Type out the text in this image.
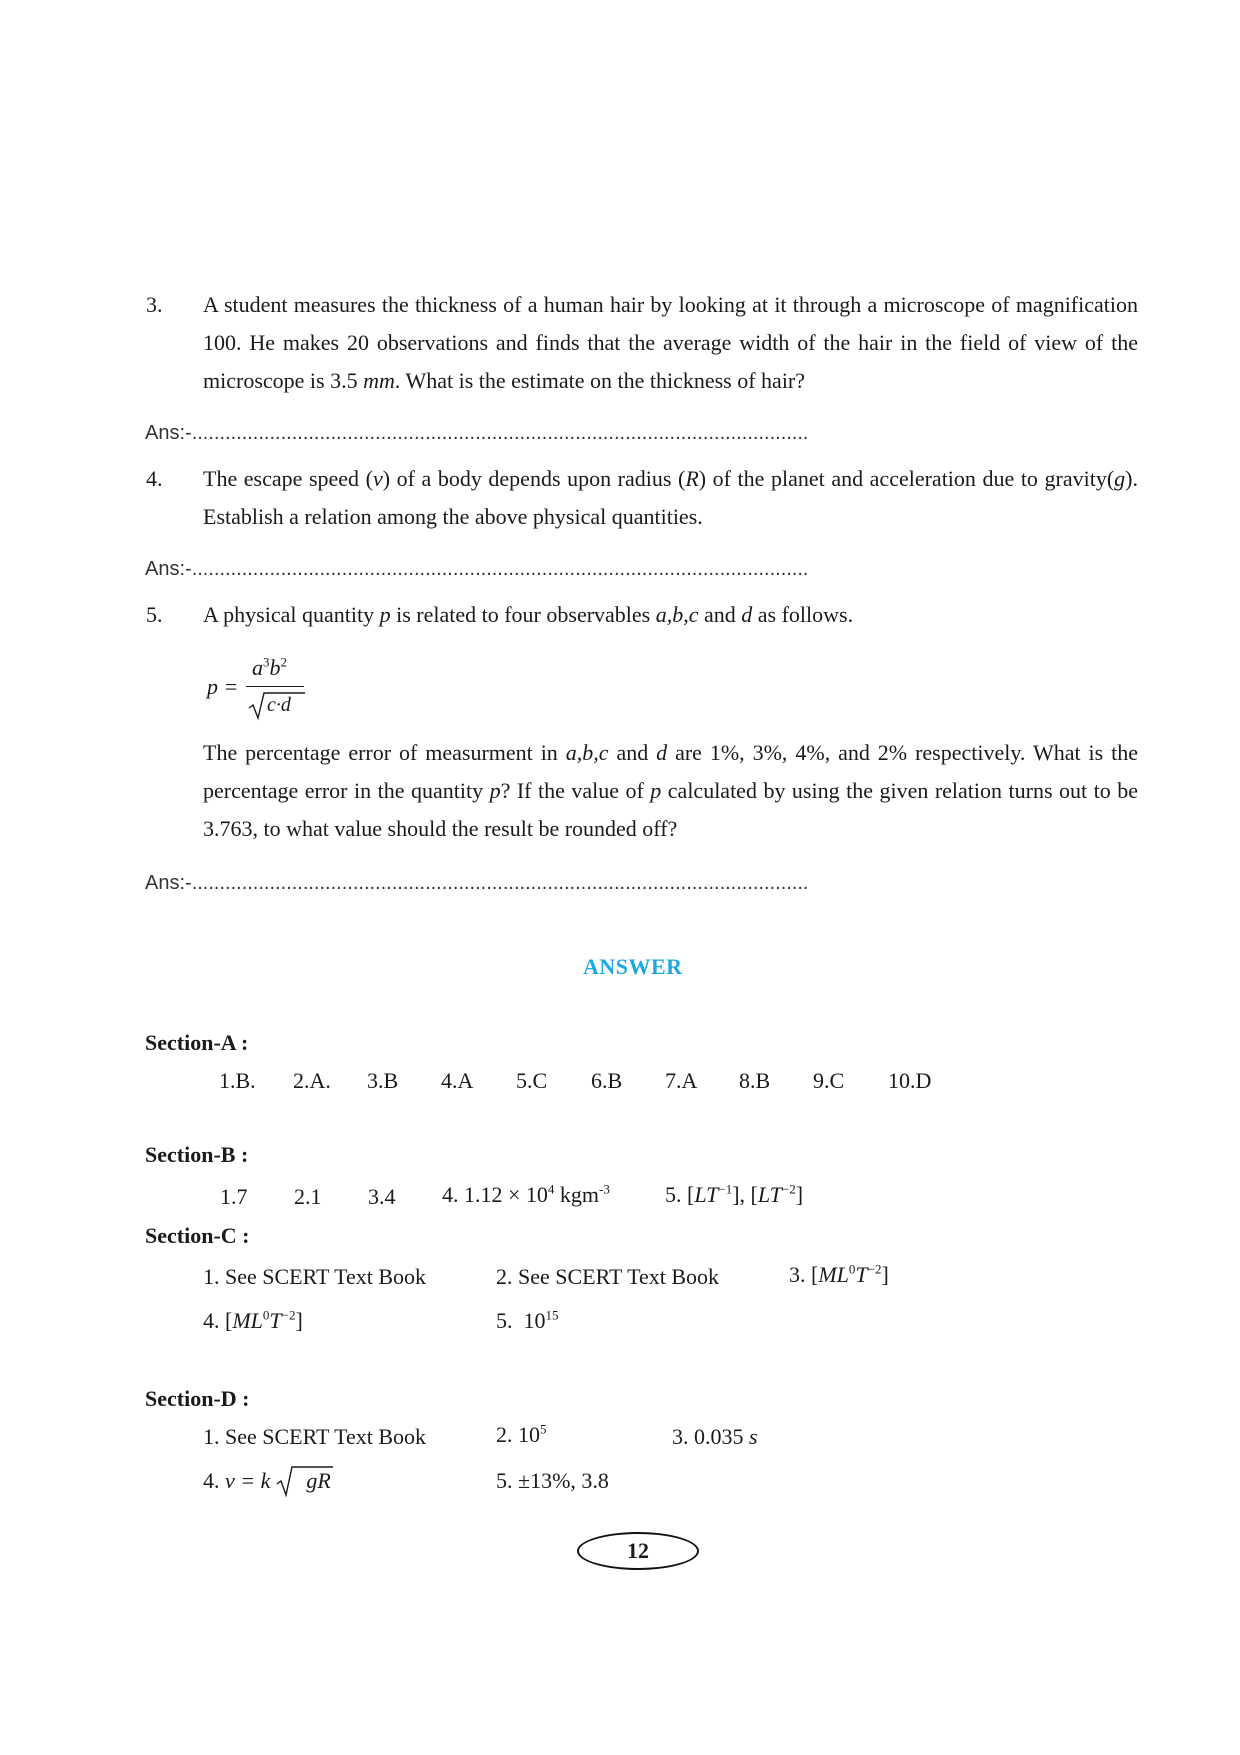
3. A student measures the thickness of a human hair by looking at it through a microscope of magnification 100. He makes 20 observations and finds that the average width of the hair in the field of view of the microscope is 3.5 mm. What is the estimate on the thickness of hair?
Ans:-...............................................................................................................
4. The escape speed (v) of a body depends upon radius (R) of the planet and acceleration due to gravity(g). Establish a relation among the above physical quantities.
Ans:-...............................................................................................................
5. A physical quantity p is related to four observables a,b,c and d as follows.
p =
$a^3b^2$
c·d
The percentage error of measurment in a,b,c and d are 1%, 3%, 4%, and 2% respectively. What is the percentage error in the quantity p? If the value of p calculated by using the given relation turns out to be 3.763, to what value should the result be rounded off?
Ans:-...............................................................................................................
ANSWER
Section-A :
1.B. 2.A. 3.B 4.A 5.C 6.B 7.A 8.B 9.C 10.D
Section-B :
1.7 2.1 3.4 4. $1.12 \times 10^4$ kgm$^{-3}$	5. $[LT^{-1}]$, $[LT^{-2}]$
Section-C :
1. See SCERT Text Book	2. See SCERT Text Book	3. $[ML^0T^{-2}]$
4. $[ML^0T^{-2}]$	5. $10^{15}$
Section-D :
1. See SCERT Text Book	2. $10^5$	3. 0.035 s
4. v = k gR	5. ±13%, 3.8
12
